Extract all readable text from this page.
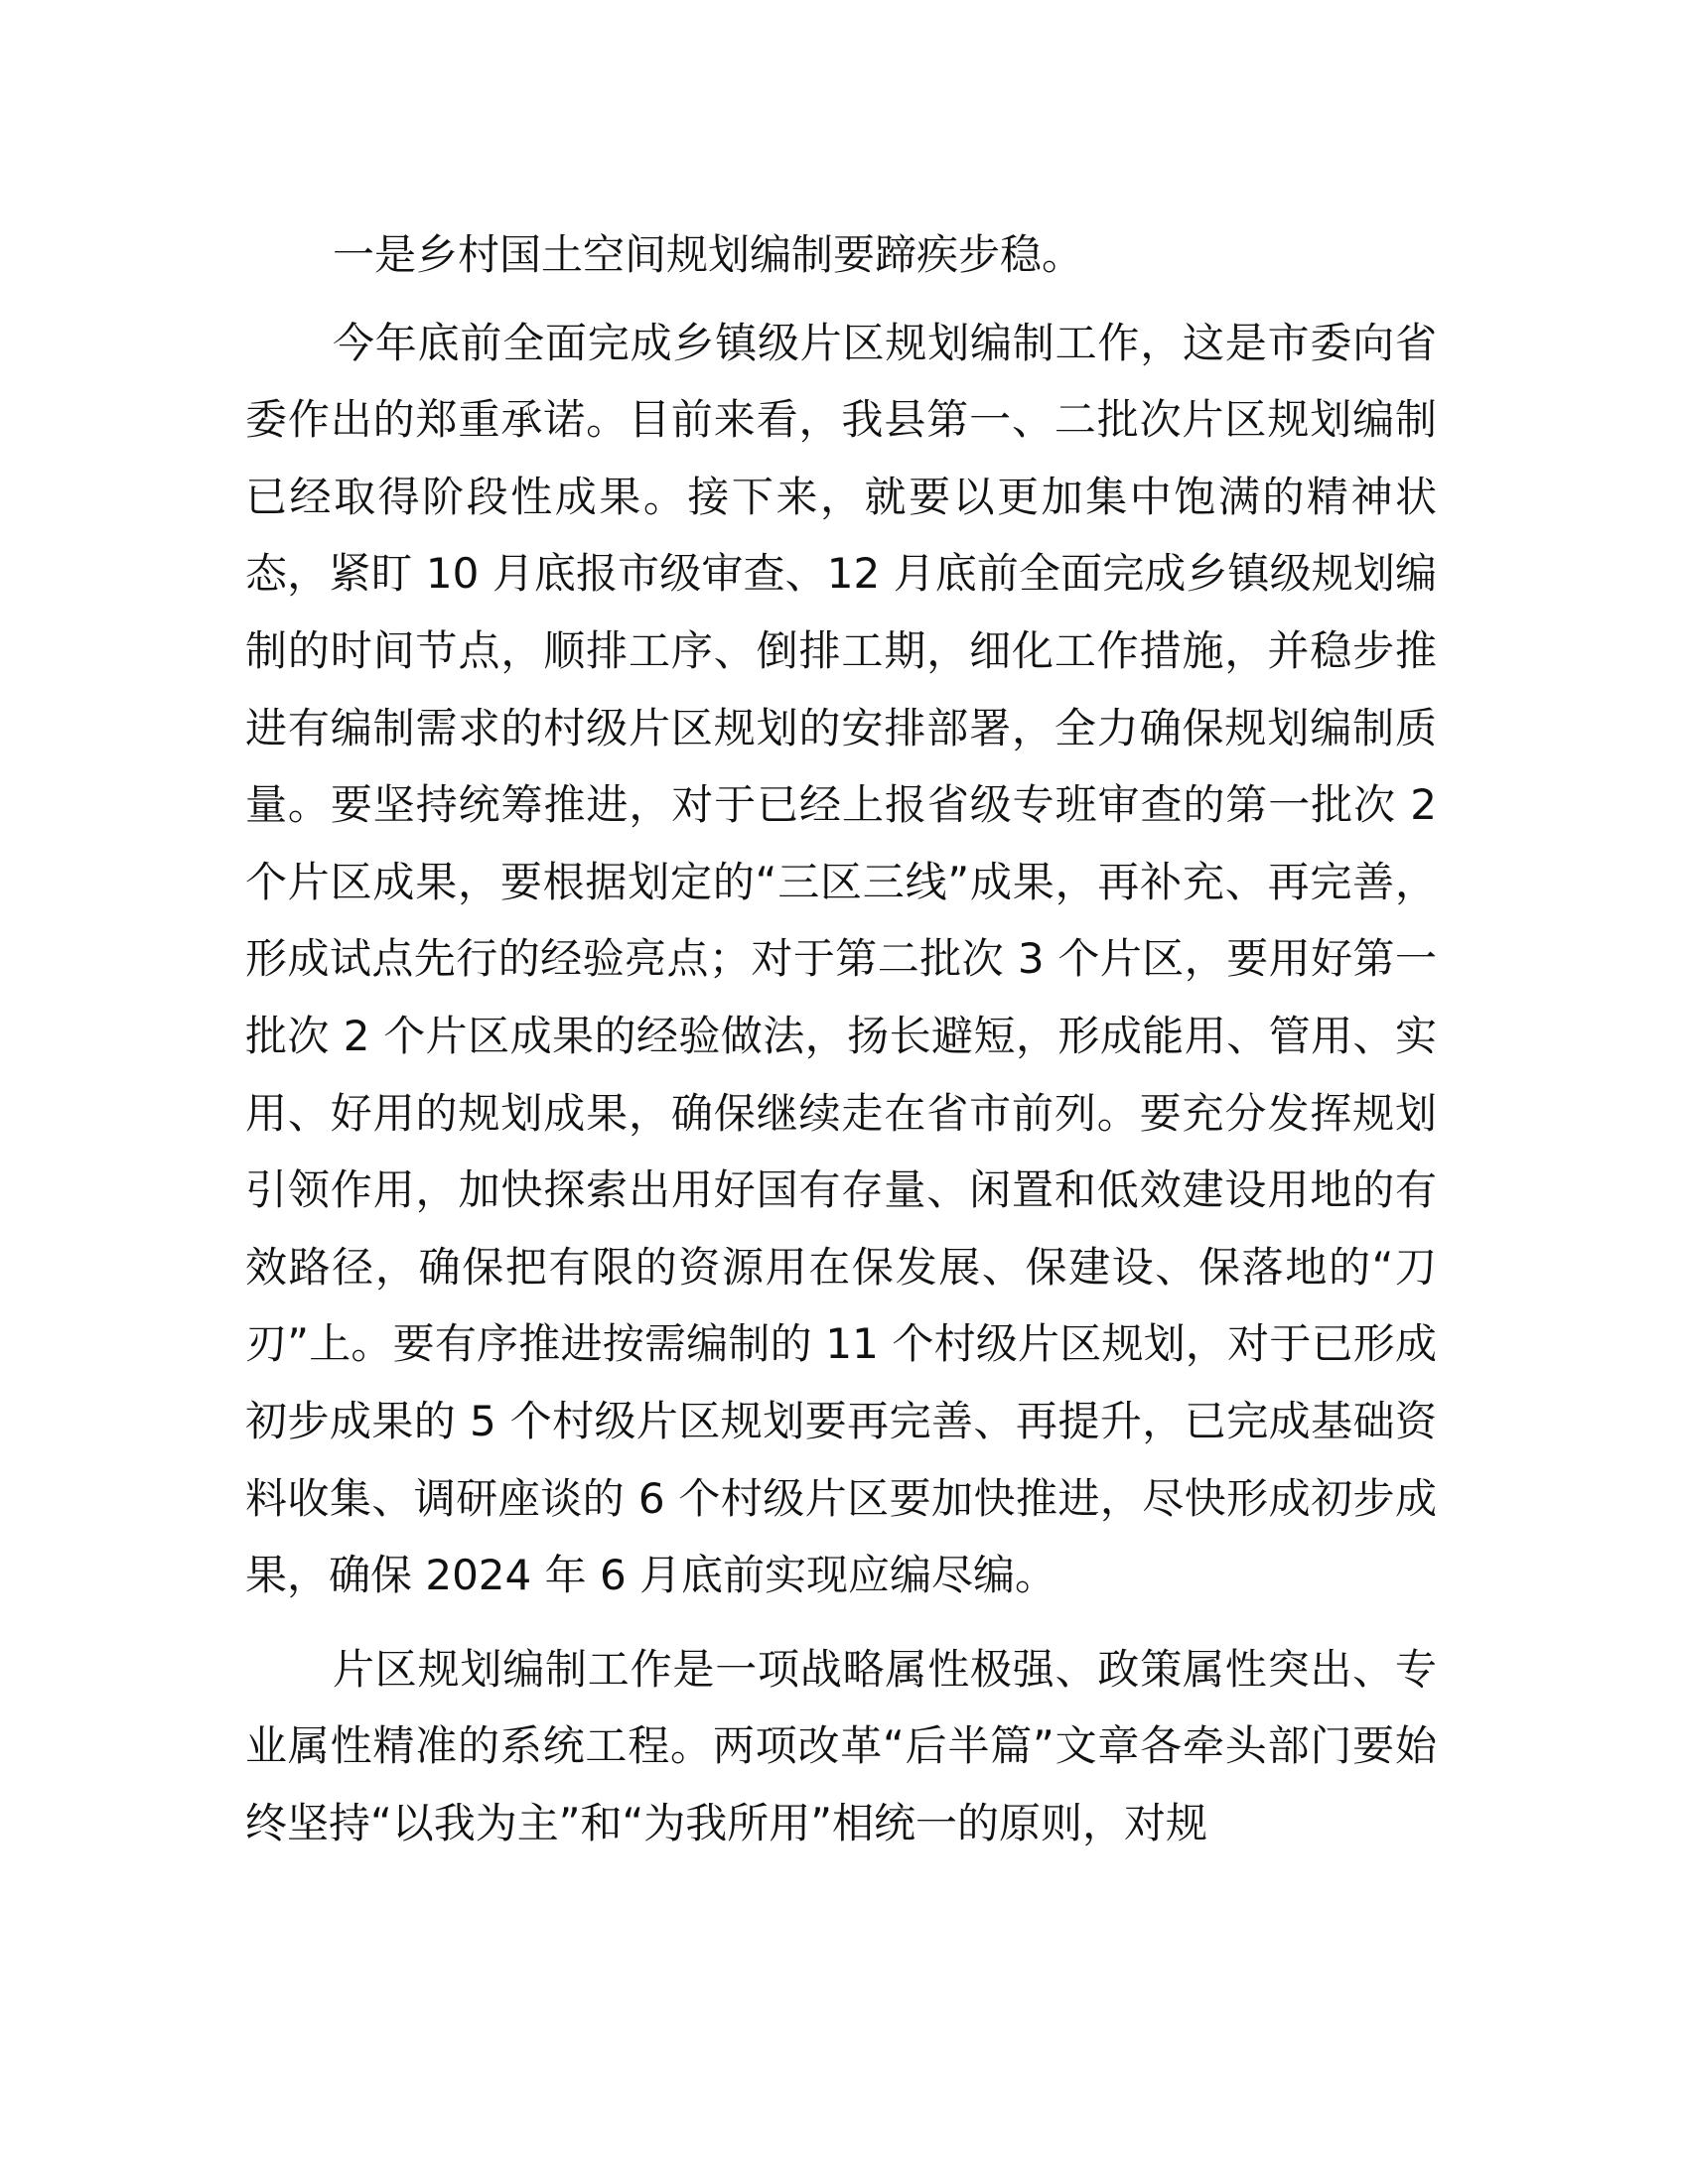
一是乡村国土空间规划编制要蹄疾步稳。

今年底前全面完成乡镇级片区规划编制工作，这是市委向省委作出的郑重承诺。目前来看，我县第一、二批次片区规划编制已经取得阶段性成果。接下来，就要以更加集中饱满的精神状态，紧盯 10 月底报市级审查、12 月底前全面完成乡镇级规划编制的时间节点，顺排工序、倒排工期，细化工作措施，并稳步推进有编制需求的村级片区规划的安排部署，全力确保规划编制质量。要坚持统筹推进，对于已经上报省级专班审查的第一批次 2 个片区成果，要根据划定的“三区三线”成果，再补充、再完善，形成试点先行的经验亮点；对于第二批次 3 个片区，要用好第一批次 2 个片区成果的经验做法，扬长避短，形成能用、管用、实用、好用的规划成果，确保继续走在省市前列。要充分发挥规划引领作用，加快探索出用好国有存量、闲置和低效建设用地的有效路径，确保把有限的资源用在保发展、保建设、保落地的“刀刃”上。要有序推进按需编制的 11 个村级片区规划，对于已形成初步成果的 5 个村级片区规划要再完善、再提升，已完成基础资料收集、调研座谈的 6 个村级片区要加快推进，尽快形成初步成果，确保 2024 年 6 月底前实现应编尽编。

片区规划编制工作是一项战略属性极强、政策属性突出、专业属性精准的系统工程。两项改革“后半篇”文章各牵头部门要始终坚持“以我为主”和“为我所用”相统一的原则，对规
